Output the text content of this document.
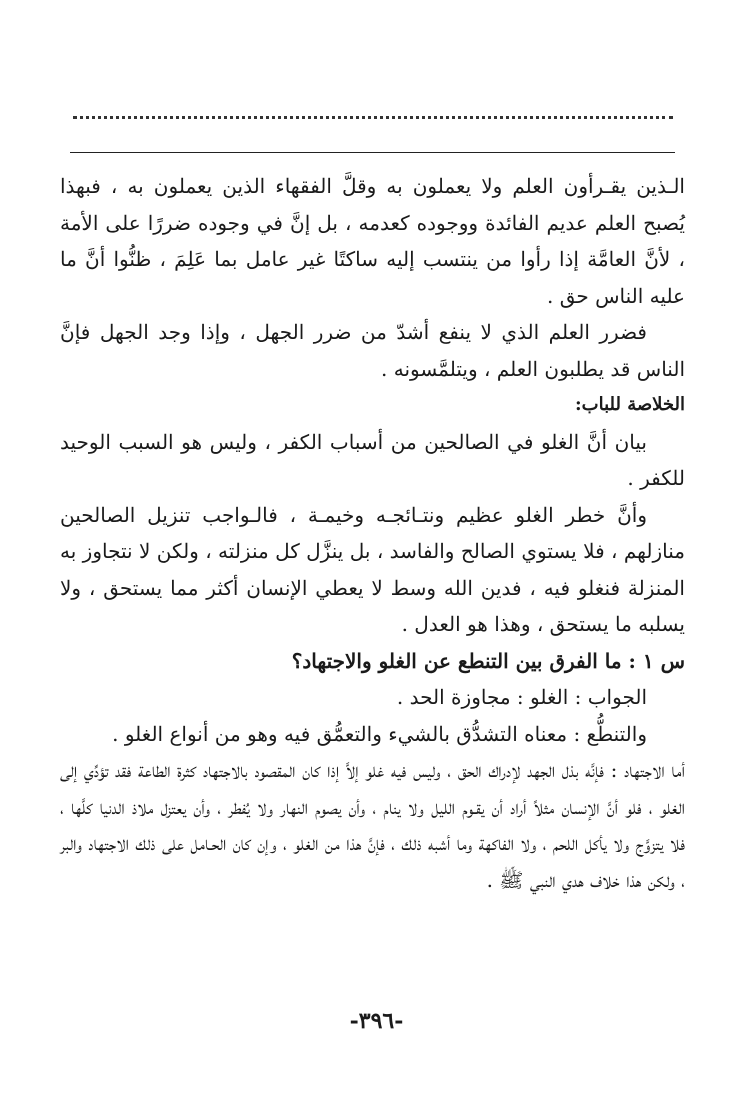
الـذين يقـرأون العلم ولا يعملون به وقلَّ الفقهاء الذين يعملون به ، فبهذا يُصبح العلم عديم الفائدة ووجوده كعدمه ، بل إنَّ في وجوده ضررًا على الأمة ، لأنَّ العامَّة إذا رأوا من ينتسب إليه ساكتًا غير عامل بما عَلِمَ ، ظنُّوا أنَّ ما عليه الناس حق .

فضرر العلم الذي لا ينفع أشدّ من ضرر الجهل ، وإذا وجد الجهل فإنَّ الناس قد يطلبون العلم ، ويتلمَّسونه .

الخلاصة للباب:

بيان أنَّ الغلو في الصالحين من أسباب الكفر ، وليس هو السبب الوحيد للكفر .

وأنَّ خطر الغلو عظيم ونتـائجـه وخيمـة ، فالـواجب تنزيل الصالحين منازلهم ، فلا يستوي الصالح والفاسد ، بل ينزَّل كل منزلته ، ولكن لا نتجاوز به المنزلة فنغلو فيه ، فدين الله وسط لا يعطي الإنسان أكثر مما يستحق ، ولا يسلبه ما يستحق ، وهذا هو العدل .

س ١ : ما الفرق بين التنطع عن الغلو والاجتهاد؟

الجواب : الغلو : مجاوزة الحد .

والتنطُّع : معناه التشدُّق بالشيء والتعمُّق فيه وهو من أنواع الغلو .

أما الاجتهاد : فإنَّه بذل الجهد لإدراك الحق ، وليس فيه غلو إلاَّ إذا كان المقصود بالاجتهاد كثرة الطاعة فقد تؤدِّي إلى الغلو ، فلو أنَّ الإنسان مثلاً أراد أن يقـوم الليل ولا ينام ، وأن يصوم النهار ولا يُفطر ، وأن يعتزل ملاذ الدنيا كلَّها ، فلا يتزوَّج ولا يأكل اللحم ، ولا الفاكهة وما أشبه ذلك ، فإنَّ هذا من الغلو ، وإن كان الحـامل على ذلك الاجتهاد والبر ، ولكن هذا خلاف هدي النبي ﷺ .

-٣٩٦-
